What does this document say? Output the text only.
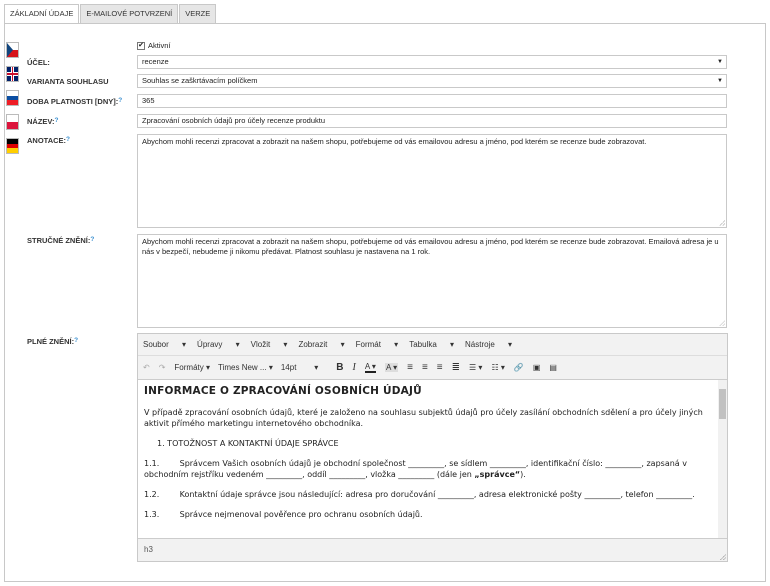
ZÁKLADNÍ ÚDAJE	E-MAILOVÉ POTVRZENÍ	VERZE
✔ Aktivní
ÚČEL:	recenze	▼
VARIANTA SOUHLASU	Souhlas se zaškrtávacím políčkem	▼
DOBA PLATNOSTI [DNY]:?	365
NÁZEV:?	Zpracování osobních údajů pro účely recenze produktu
ANOTACE:?	Abychom mohli recenzi zpracovat a zobrazit na našem shopu, potřebujeme od vás emailovou adresu a jméno, pod kterém se recenze bude zobrazovat.
STRUČNÉ ZNĚNÍ:?	Abychom mohli recenzi zpracovat a zobrazit na našem shopu, potřebujeme od vás emailovou adresu a jméno, pod kterém se recenze bude zobrazovat. Emailová adresa je u nás v bezpečí, nebudeme ji nikomu předávat. Platnost souhlasu je nastavena na 1 rok.
PLNÉ ZNĚNÍ:?	Soubor ▾ Úpravy ▾ Vložit ▾ Zobrazit ▾ Formát ▾ Tabulka ▾ Nástroje ▾
↶ ↷ Formáty ▾ Times New ... ▾ 14pt        ▾ B I A ▾ A ▾ ≡ ≡ ≡ ≣ ☰ ▾ ☷ ▾ 🔗 ▣ ▤
INFORMACE O ZPRACOVÁNÍ OSOBNÍCH ÚDAJŮ

V případě zpracování osobních údajů, které je založeno na souhlasu subjektů údajů pro účely zasílání obchodních sdělení a pro účely jiných aktivit přímého marketingu internetového obchodníka.

1. TOTOŽNOST A KONTAKTNÍ ÚDAJE SPRÁVCE

1.1.	Správcem Vašich osobních údajů je obchodní společnost _________, se sídlem _________, identifikační číslo: _________, zapsaná v obchodním rejstříku vedeném _________, oddíl _________, vložka _________ (dále jen „správce“).

1.2.	Kontaktní údaje správce jsou následující: adresa pro doručování _________, adresa elektronické pošty _________, telefon _________.

1.3.	Správce nejmenoval pověřence pro ochranu osobních údajů.

h3
